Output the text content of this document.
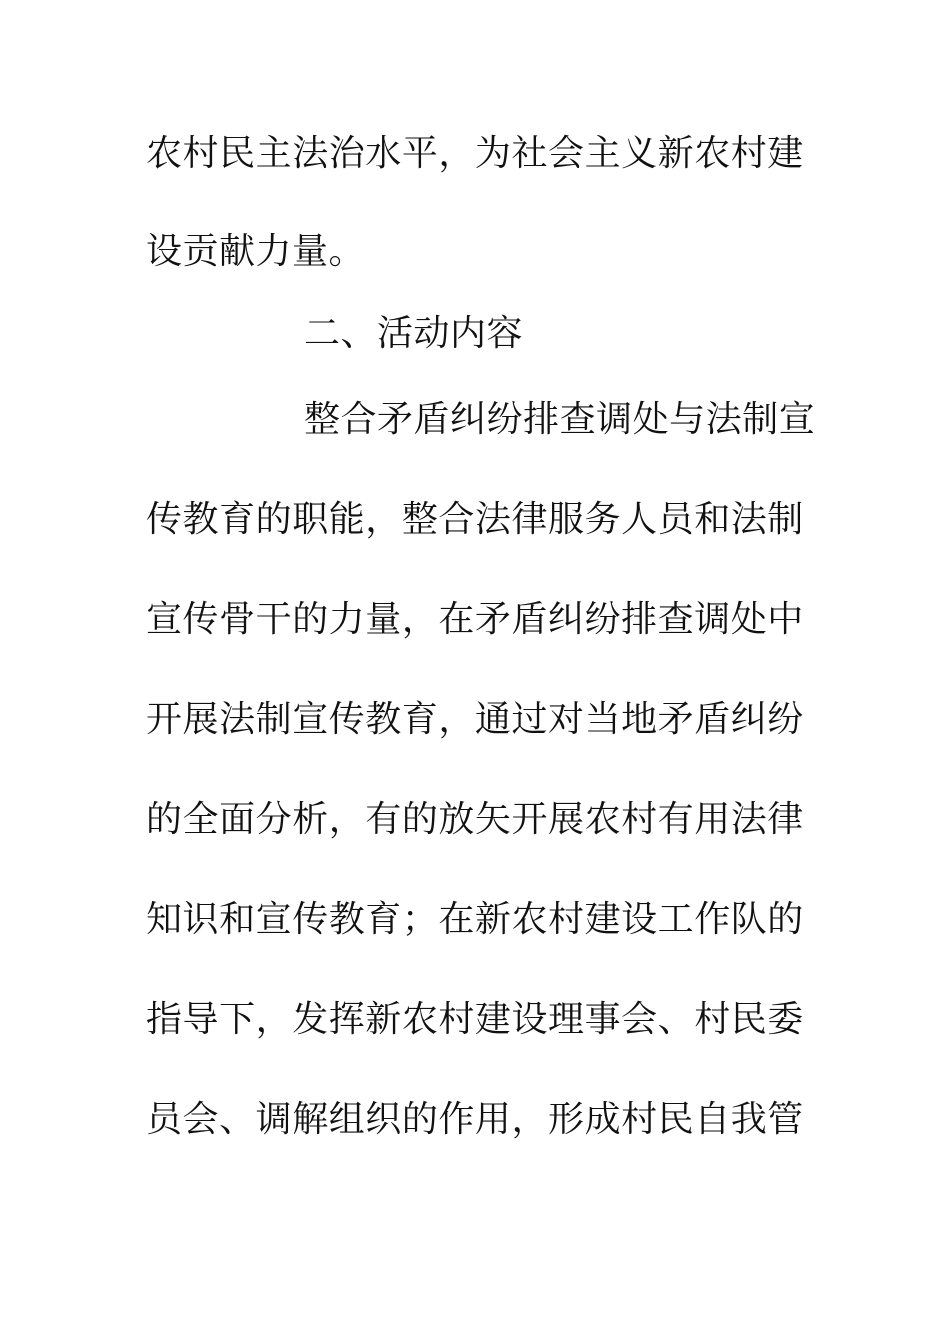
农 村 民 主 法 治 水 平 ， 为 社 会 主 义 新 农 村 建
设贡献力量。
二、活动内容
整 合 矛 盾 纠 纷 排 查 调 处 与 法 制 宣
传 教 育 的 职 能 ， 整 合 法 律 服 务 人 员 和 法 制
宣 传 骨 干 的 力 量 ， 在 矛 盾 纠 纷 排 查 调 处 中
开 展 法 制 宣 传 教 育 ， 通 过 对 当 地 矛 盾 纠 纷
的 全 面 分 析 ， 有 的 放 矢 开 展 农 村 有 用 法 律
知 识 和 宣 传 教 育 ； 在 新 农 村 建 设 工 作 队 的
指 导 下 ， 发 挥 新 农 村 建 设 理 事 会 、 村 民 委
员 会 、 调 解 组 织 的 作 用 ， 形 成 村 民 自 我 管
